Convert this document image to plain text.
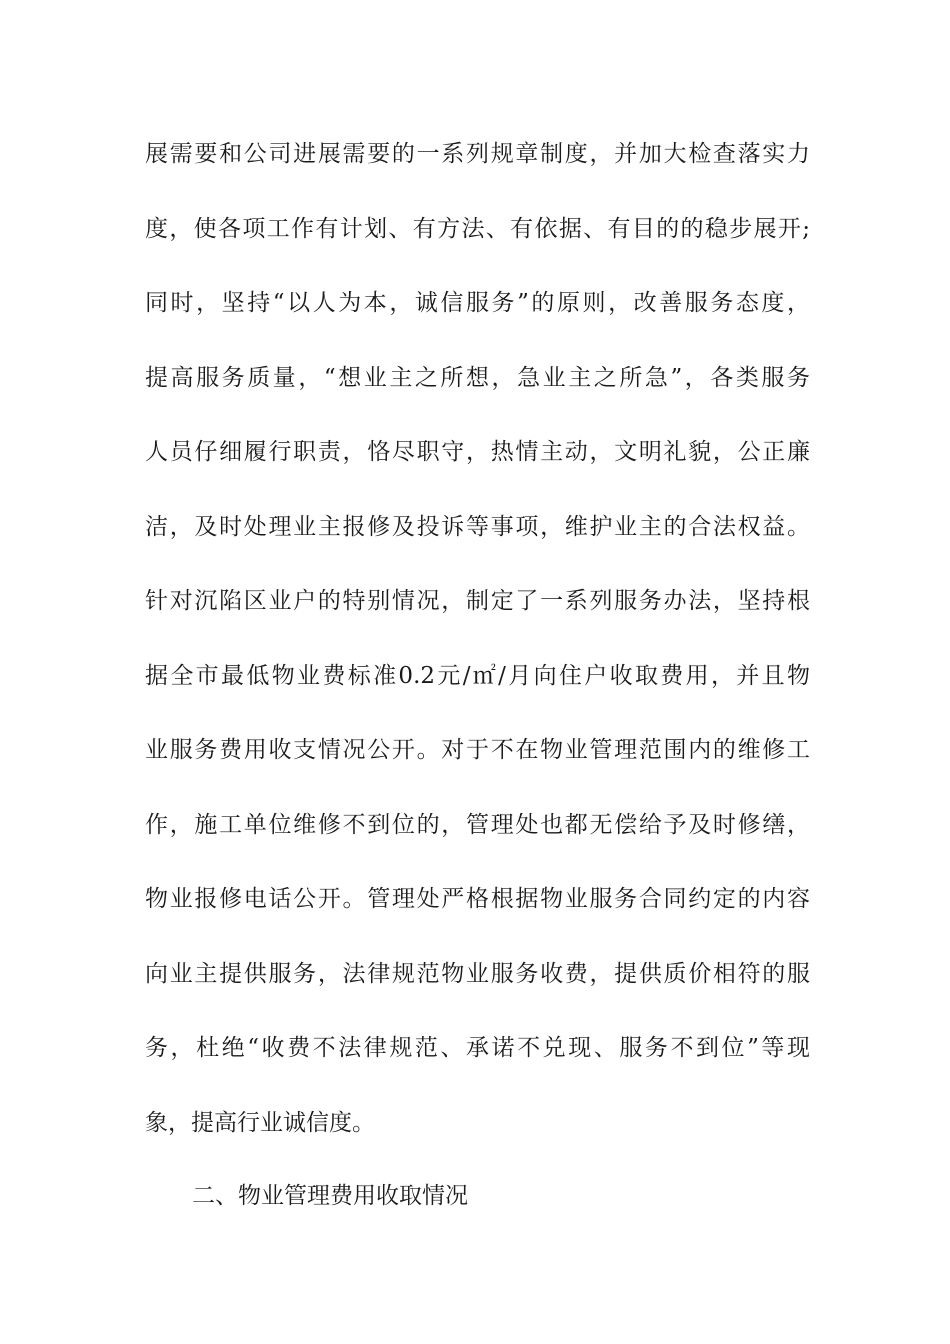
展需要和公司进展需要的一系列规章制度，并加大检查落实力
度，使各项工作有计划、有方法、有依据、有目的的稳步展开;
同时，坚持“以人为本，诚信服务”的原则，改善服务态度，
提高服务质量，“想业主之所想，急业主之所急”，各类服务
人员仔细履行职责，恪尽职守，热情主动，文明礼貌，公正廉
洁，及时处理业主报修及投诉等事项，维护业主的合法权益。
针对沉陷区业户的特别情况，制定了一系列服务办法，坚持根
据全市最低物业费标准0.2元/㎡/月向住户收取费用，并且物
业服务费用收支情况公开。对于不在物业管理范围内的维修工
作，施工单位维修不到位的，管理处也都无偿给予及时修缮，
物业报修电话公开。管理处严格根据物业服务合同约定的内容
向业主提供服务，法律规范物业服务收费，提供质价相符的服
务，杜绝“收费不法律规范、承诺不兑现、服务不到位”等现
象，提高行业诚信度。
二、物业管理费用收取情况
